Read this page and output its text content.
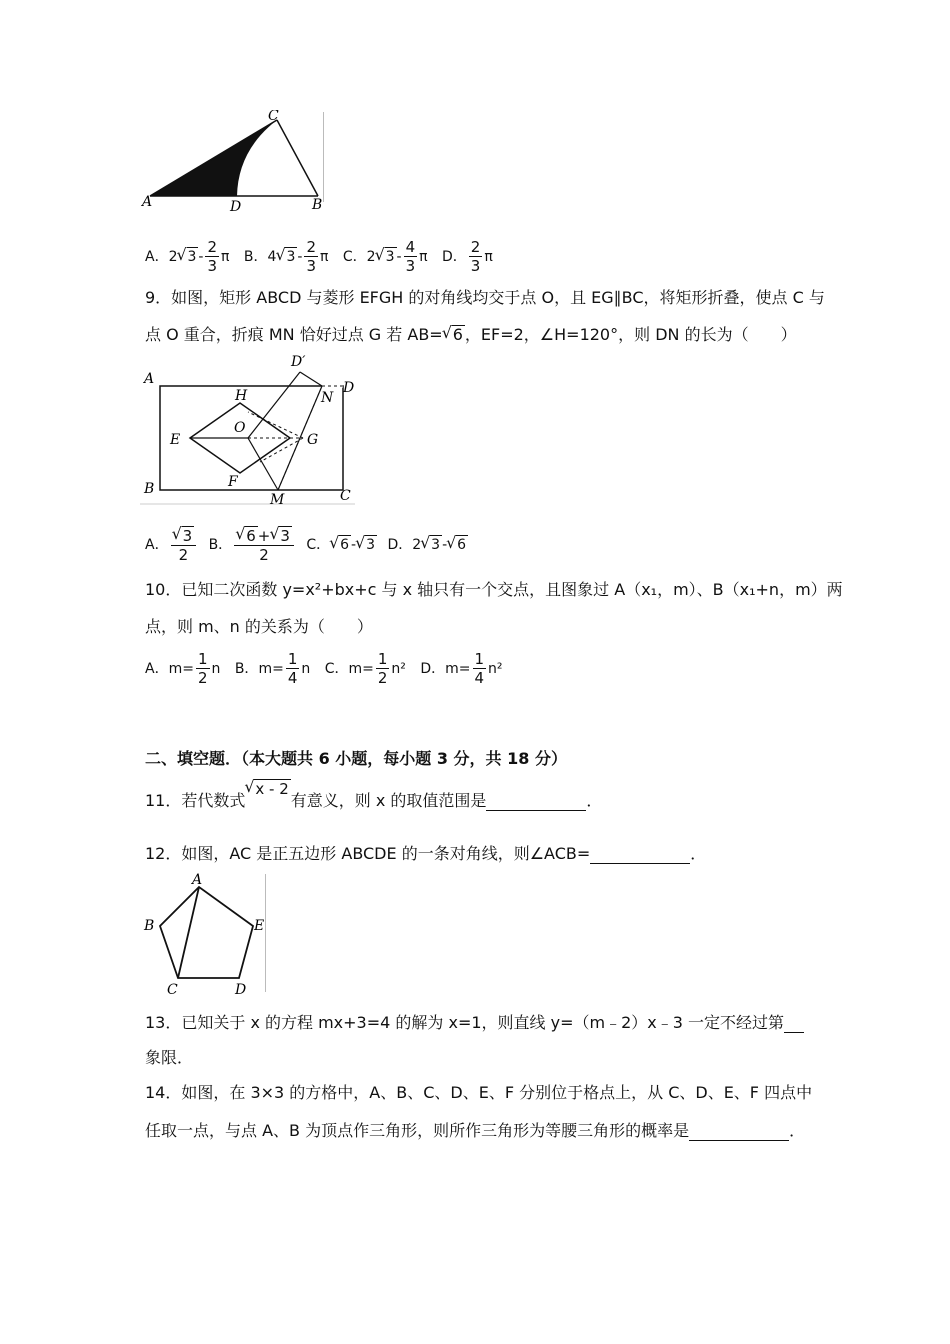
A	D	B
C
A．2 √ $3 - \frac{2}{3}$ π B．4 √ $3 - \frac{2}{3}$ π C．2 √ $3 - \frac{4}{3}$ π D． $\frac{2}{3}$ π
9．如图，矩形 ABCD 与菱形 EFGH 的对角线均交于点 O，且 EG∥BC，将矩形折叠，使点 C 与
点 O 重合，折痕 MN 恰好过点 G 若 AB= √ 6 ，EF=2，∠H=120°，则 DN 的长为（　　）
A
B	C
D
D′
E
F
G
H
O
M
N
A． √ $\frac{3}{2}$ B． √ $\frac{6 + √ 3}{2}$ C． √ 6 - √ 3 D．2 √ 3 - √ 6
10．已知二次函数 y=x²+bx+c 与 x 轴只有一个交点，且图象过 A（x₁，m）、B（x₁+n，m）两
点，则 m、n 的关系为（　　）
A．$m= \frac{1}{2}$ n B．$m= \frac{1}{4}$ n C．$m= \frac{1}{2} n^2$ D．$m= \frac{1}{4} n^2$
二、填空题．（本大题共 6 小题，每小题 3 分，共 18 分）
11．若代数式√ x - 2有意义，则 x 的取值范围是	．
12．如图，AC 是正五边形 ABCDE 的一条对角线，则∠ACB=	．
A
B
C	D
E
13．已知关于 x 的方程 mx+3=4 的解为 x=1，则直线 y=（m﹣2）x﹣3 一定不经过第
象限．
14．如图，在 3×3 的方格中，A、B、C、D、E、F 分别位于格点上，从 C、D、E、F 四点中
任取一点，与点 A、B 为顶点作三角形，则所作三角形为等腰三角形的概率是	．
